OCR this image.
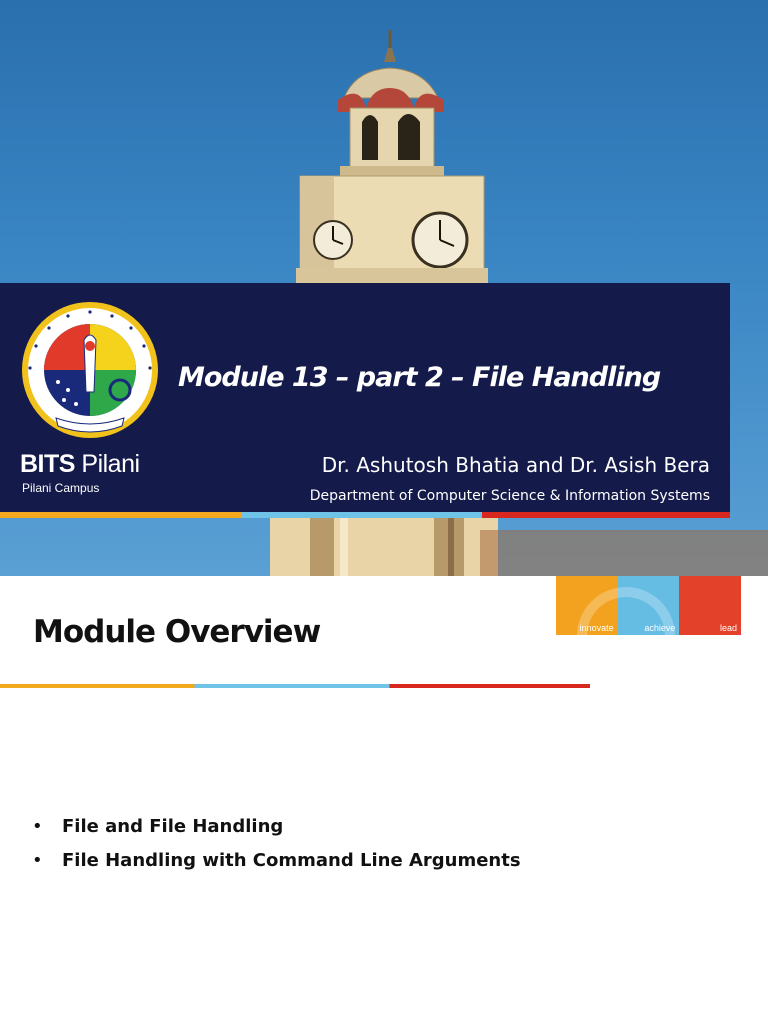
BITS Pilani
Pilani Campus
Module 13 – part 2 – File Handling
Dr. Ashutosh Bhatia and Dr. Asish Bera
Department of Computer Science & Information Systems
Module Overview	innovate	achieve	lead
• File and File Handling
• File Handling with Command Line Arguments
